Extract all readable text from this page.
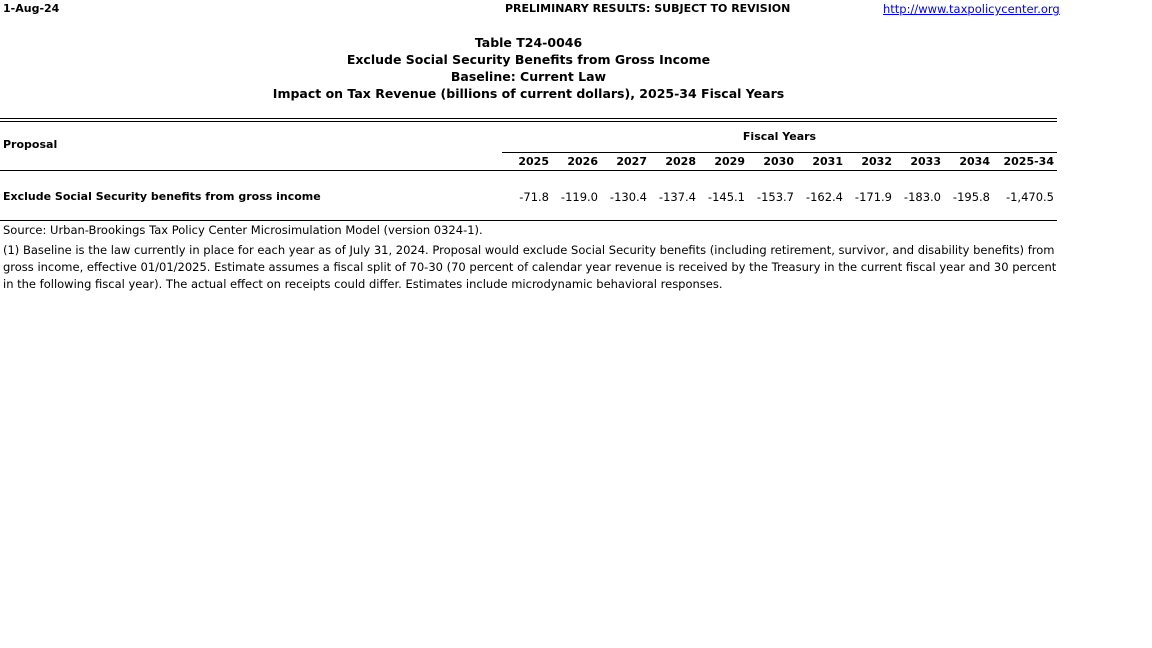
1-Aug-24	PRELIMINARY RESULTS: SUBJECT TO REVISION	http://www.taxpolicycenter.org
Table T24-0046
Exclude Social Security Benefits from Gross Income
Baseline: Current Law
Impact on Tax Revenue (billions of current dollars), 2025-34 Fiscal Years
Proposal
Fiscal Years
2025	2026	2027	2028	2029	2030	2031	2032	2033	2034	2025-34
Exclude Social Security benefits from gross income	-71.8	-119.0	-130.4	-137.4	-145.1	-153.7	-162.4	-171.9	-183.0	-195.8	-1,470.5
Source: Urban-Brookings Tax Policy Center Microsimulation Model (version 0324-1).
(1) Baseline is the law currently in place for each year as of July 31, 2024. Proposal would exclude Social Security benefits (including retirement, survivor, and disability benefits) from gross income, effective 01/01/2025. Estimate assumes a fiscal split of 70-30 (70 percent of calendar year revenue is received by the Treasury in the current fiscal year and 30 percent in the following fiscal year). The actual effect on receipts could differ. Estimates include microdynamic behavioral responses.
